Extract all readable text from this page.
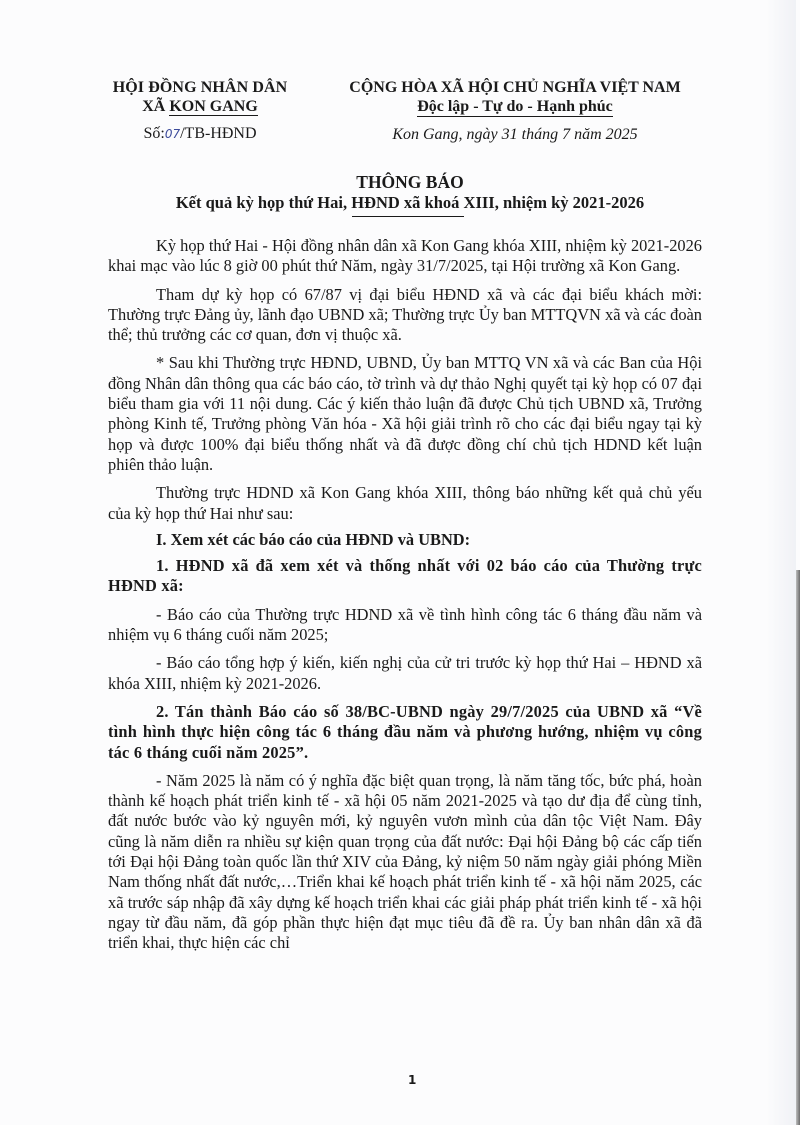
HỘI ĐỒNG NHÂN DÂN
XÃ KON GANG
Số:07/TB-HĐND
CỘNG HÒA XÃ HỘI CHỦ NGHĨA VIỆT NAM
Độc lập - Tự do - Hạnh phúc
Kon Gang, ngày 31 tháng 7 năm 2025
THÔNG BÁO
Kết quả kỳ họp thứ Hai, HĐND xã khoá XIII, nhiệm kỳ 2021-2026

Kỳ họp thứ Hai - Hội đồng nhân dân xã Kon Gang khóa XIII, nhiệm kỳ 2021-2026 khai mạc vào lúc 8 giờ 00 phút thứ Năm, ngày 31/7/2025, tại Hội trường xã Kon Gang.

Tham dự kỳ họp có 67/87 vị đại biểu HĐND xã và các đại biểu khách mời: Thường trực Đảng ủy, lãnh đạo UBND xã; Thường trực Ủy ban MTTQVN xã và các đoàn thể; thủ trưởng các cơ quan, đơn vị thuộc xã.

* Sau khi Thường trực HĐND, UBND, Ủy ban MTTQ VN xã và các Ban của Hội đồng Nhân dân thông qua các báo cáo, tờ trình và dự thảo Nghị quyết tại kỳ họp có 07 đại biểu tham gia với 11 nội dung. Các ý kiến thảo luận đã được Chủ tịch UBND xã, Trưởng phòng Kinh tế, Trưởng phòng Văn hóa - Xã hội giải trình rõ cho các đại biểu ngay tại kỳ họp và được 100% đại biểu thống nhất và đã được đồng chí chủ tịch HDND kết luận phiên thảo luận.

Thường trực HDND xã Kon Gang khóa XIII, thông báo những kết quả chủ yếu của kỳ họp thứ Hai như sau:

I. Xem xét các báo cáo của HĐND và UBND:

1. HĐND xã đã xem xét và thống nhất với 02 báo cáo của Thường trực HĐND xã:

- Báo cáo của Thường trực HDND xã về tình hình công tác 6 tháng đầu năm và nhiệm vụ 6 tháng cuối năm 2025;

- Báo cáo tổng hợp ý kiến, kiến nghị của cử tri trước kỳ họp thứ Hai – HĐND xã khóa XIII, nhiệm kỳ 2021-2026.

2. Tán thành Báo cáo số 38/BC-UBND ngày 29/7/2025 của UBND xã “Về tình hình thực hiện công tác 6 tháng đầu năm và phương hướng, nhiệm vụ công tác 6 tháng cuối năm 2025”.

- Năm 2025 là năm có ý nghĩa đặc biệt quan trọng, là năm tăng tốc, bức phá, hoàn thành kế hoạch phát triển kinh tế - xã hội 05 năm 2021-2025 và tạo dư địa để cùng tỉnh, đất nước bước vào kỷ nguyên mới, kỷ nguyên vươn mình của dân tộc Việt Nam. Đây cũng là năm diễn ra nhiều sự kiện quan trọng của đất nước: Đại hội Đảng bộ các cấp tiến tới Đại hội Đảng toàn quốc lần thứ XIV của Đảng, kỷ niệm 50 năm ngày giải phóng Miền Nam thống nhất đất nước,…Triển khai kế hoạch phát triển kinh tế - xã hội năm 2025, các xã trước sáp nhập đã xây dựng kế hoạch triển khai các giải pháp phát triển kinh tế - xã hội ngay từ đầu năm, đã góp phần thực hiện đạt mục tiêu đã đề ra. Ủy ban nhân dân xã đã triển khai, thực hiện các chỉ

1
